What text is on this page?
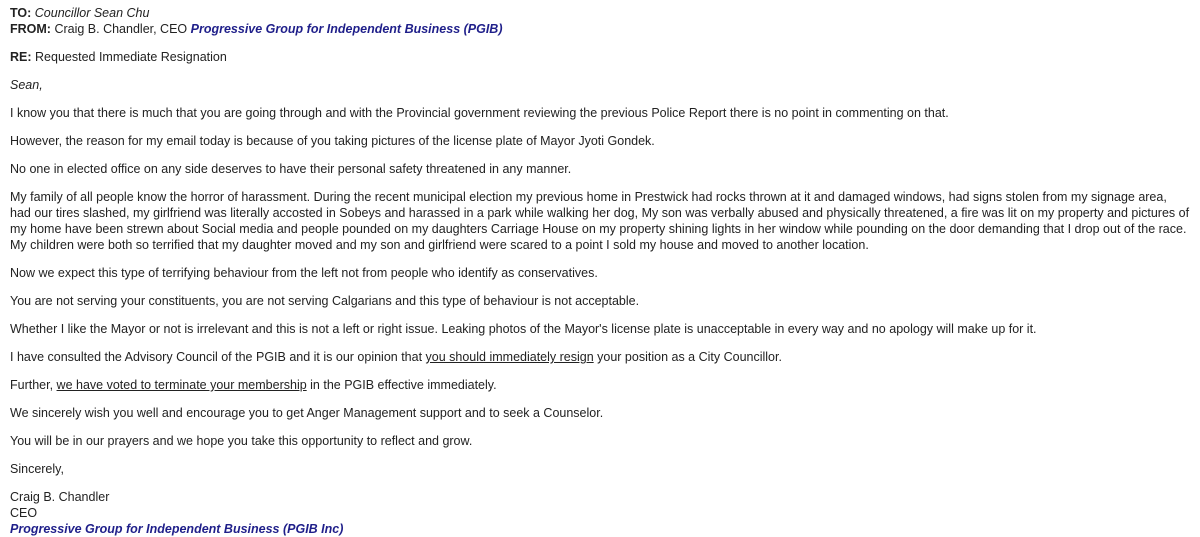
TO: Councillor Sean Chu
FROM: Craig B. Chandler, CEO Progressive Group for Independent Business (PGIB)
RE: Requested Immediate Resignation

Sean,

I know you that there is much that you are going through and with the Provincial government reviewing the previous Police Report there is no point in commenting on that.

However, the reason for my email today is because of you taking pictures of the license plate of Mayor Jyoti Gondek.

No one in elected office on any side deserves to have their personal safety threatened in any manner.

My family of all people know the horror of harassment. During the recent municipal election my previous home in Prestwick had rocks thrown at it and damaged windows, had signs stolen from my signage area, had our tires slashed, my girlfriend was literally accosted in Sobeys and harassed in a park while walking her dog, My son was verbally abused and physically threatened, a fire was lit on my property and pictures of my home have been strewn about Social media and people pounded on my daughters Carriage House on my property shining lights in her window while pounding on the door demanding that I drop out of the race. My children were both so terrified that my daughter moved and my son and girlfriend were scared to a point I sold my house and moved to another location.

Now we expect this type of terrifying behaviour from the left not from people who identify as conservatives.

You are not serving your constituents, you are not serving Calgarians and this type of behaviour is not acceptable.

Whether I like the Mayor or not is irrelevant and this is not a left or right issue. Leaking photos of the Mayor's license plate is unacceptable in every way and no apology will make up for it.

I have consulted the Advisory Council of the PGIB and it is our opinion that you should immediately resign your position as a City Councillor.

Further, we have voted to terminate your membership in the PGIB effective immediately.

We sincerely wish you well and encourage you to get Anger Management support and to seek a Counselor.

You will be in our prayers and we hope you take this opportunity to reflect and grow.

Sincerely,

Craig B. Chandler
CEO
Progressive Group for Independent Business (PGIB Inc)
